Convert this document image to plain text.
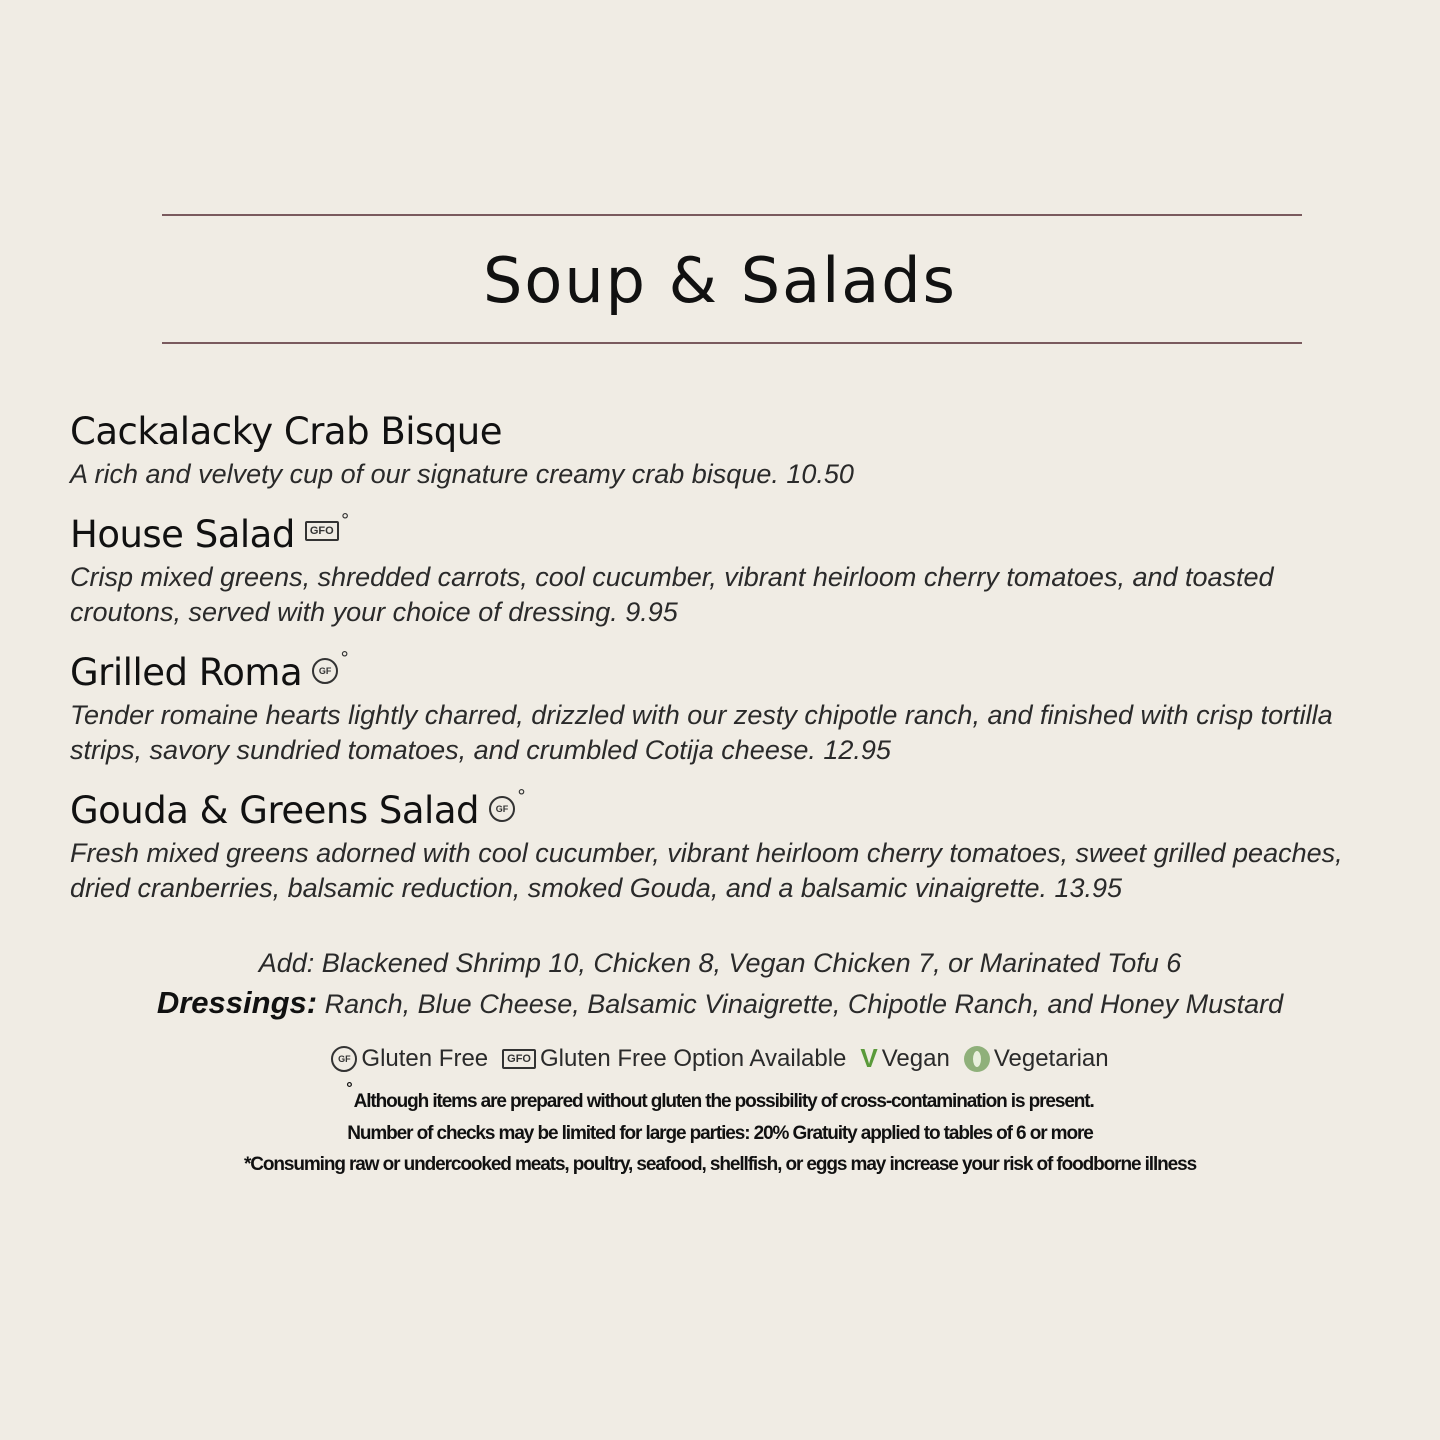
Soup & Salads
Cackalacky Crab Bisque
A rich and velvety cup of our signature creamy crab bisque. 10.50
House Salad	GFO °
Crisp mixed greens, shredded carrots, cool cucumber, vibrant heirloom cherry tomatoes, and toasted croutons, served with your choice of dressing. 9.95
Grilled Roma	GF
°
Tender romaine hearts lightly charred, drizzled with our zesty chipotle ranch, and finished with crisp tortilla strips, savory sundried tomatoes, and crumbled Cotija cheese. 12.95
Gouda & Greens Salad	GF
°
Fresh mixed greens adorned with cool cucumber, vibrant heirloom cherry tomatoes, sweet grilled peaches, dried cranberries, balsamic reduction, smoked Gouda, and a balsamic vinaigrette. 13.95
Add: Blackened Shrimp 10, Chicken 8, Vegan Chicken 7, or Marinated Tofu 6
Dressings: Ranch, Blue Cheese, Balsamic Vinaigrette, Chipotle Ranch, and Honey Mustard
GF Gluten Free	GFO Gluten Free Option Available V Vegan Vegetarian
°Although items are prepared without gluten the possibility of cross-contamination is present.
Number of checks may be limited for large parties: 20% Gratuity applied to tables of 6 or more
*Consuming raw or undercooked meats, poultry, seafood, shellfish, or eggs may increase your risk of foodborne illness
